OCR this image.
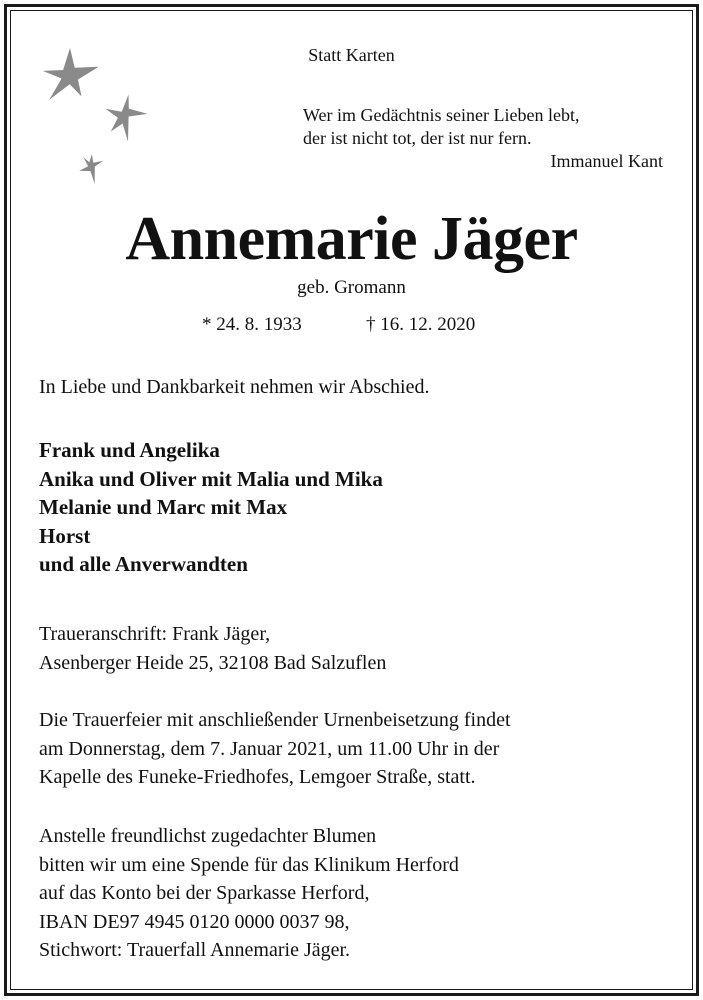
Statt Karten
Wer im Gedächtnis seiner Lieben lebt,
der ist nicht tot, der ist nur fern.
Immanuel Kant
Annemarie Jäger
geb. Gromann
* 24. 8. 1933	† 16. 12. 2020
In Liebe und Dankbarkeit nehmen wir Abschied.
Frank und Angelika
Anika und Oliver mit Malia und Mika
Melanie und Marc mit Max
Horst
und alle Anverwandten
Traueranschrift: Frank Jäger,
Asenberger Heide 25, 32108 Bad Salzuflen
Die Trauerfeier mit anschließender Urnenbeisetzung findet
am Donnerstag, dem 7. Januar 2021, um 11.00 Uhr in der
Kapelle des Funeke-Friedhofes, Lemgoer Straße, statt.
Anstelle freundlichst zugedachter Blumen
bitten wir um eine Spende für das Klinikum Herford
auf das Konto bei der Sparkasse Herford,
IBAN DE97 4945 0120 0000 0037 98,
Stichwort: Trauerfall Annemarie Jäger.
